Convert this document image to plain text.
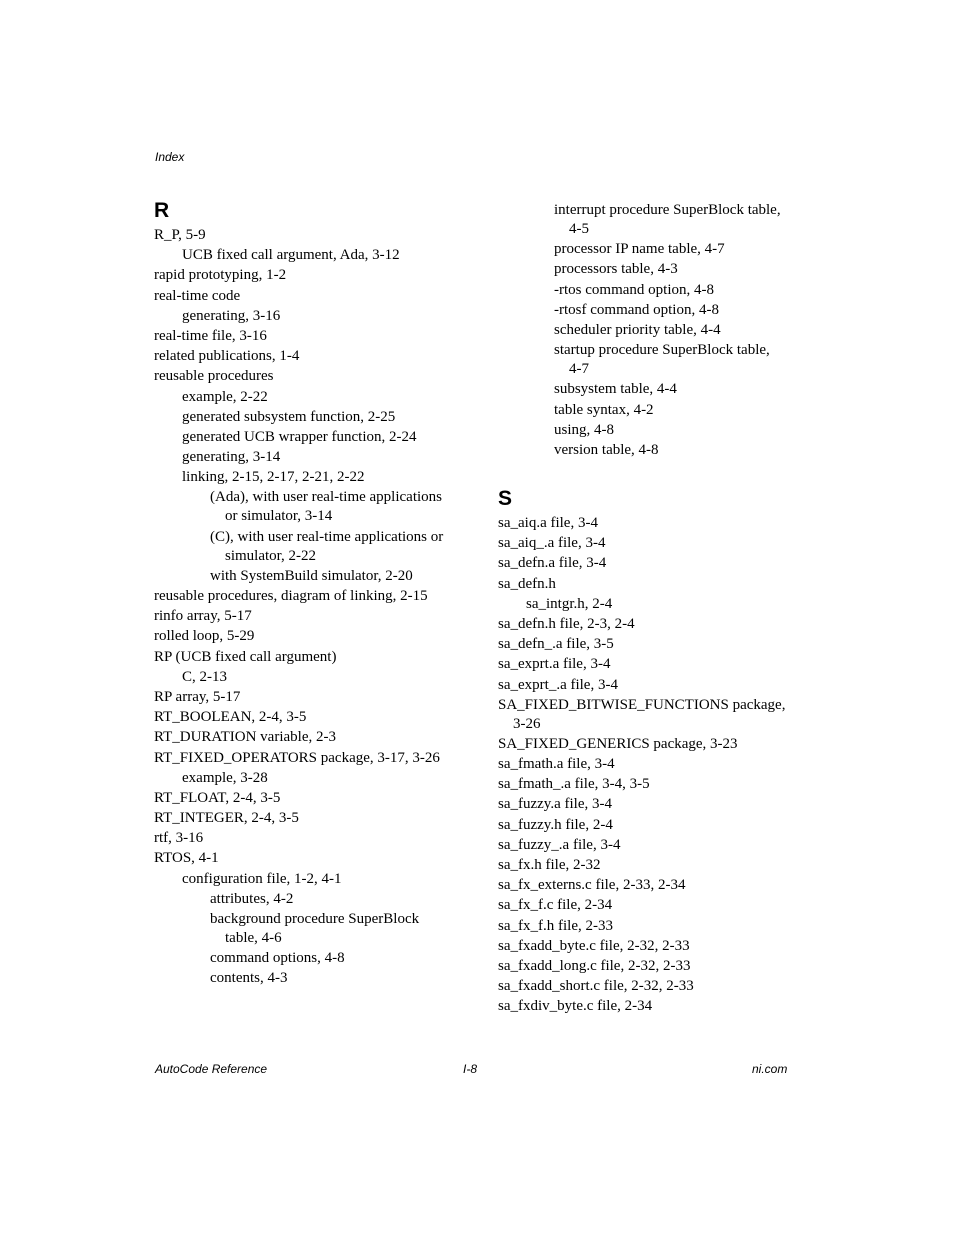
Index
R
R_P, 5-9
UCB fixed call argument, Ada, 3-12
rapid prototyping, 1-2
real-time code
generating, 3-16
real-time file, 3-16
related publications, 1-4
reusable procedures
example, 2-22
generated subsystem function, 2-25
generated UCB wrapper function, 2-24
generating, 3-14
linking, 2-15, 2-17, 2-21, 2-22
(Ada), with user real-time applications or simulator, 3-14
(C), with user real-time applications or simulator, 2-22
with SystemBuild simulator, 2-20
reusable procedures, diagram of linking, 2-15
rinfo array, 5-17
rolled loop, 5-29
RP (UCB fixed call argument)
C, 2-13
RP array, 5-17
RT_BOOLEAN, 2-4, 3-5
RT_DURATION variable, 2-3
RT_FIXED_OPERATORS package, 3-17, 3-26
example, 3-28
RT_FLOAT, 2-4, 3-5
RT_INTEGER, 2-4, 3-5
rtf, 3-16
RTOS, 4-1
configuration file, 1-2, 4-1
attributes, 4-2
background procedure SuperBlock table, 4-6
command options, 4-8
contents, 4-3
interrupt procedure SuperBlock table, 4-5
processor IP name table, 4-7
processors table, 4-3
-rtos command option, 4-8
-rtosf command option, 4-8
scheduler priority table, 4-4
startup procedure SuperBlock table, 4-7
subsystem table, 4-4
table syntax, 4-2
using, 4-8
version table, 4-8
S
sa_aiq.a file, 3-4
sa_aiq_.a file, 3-4
sa_defn.a file, 3-4
sa_defn.h
sa_intgr.h, 2-4
sa_defn.h file, 2-3, 2-4
sa_defn_.a file, 3-5
sa_exprt.a file, 3-4
sa_exprt_.a file, 3-4
SA_FIXED_BITWISE_FUNCTIONS package, 3-26
SA_FIXED_GENERICS package, 3-23
sa_fmath.a file, 3-4
sa_fmath_.a file, 3-4, 3-5
sa_fuzzy.a file, 3-4
sa_fuzzy.h file, 2-4
sa_fuzzy_.a file, 3-4
sa_fx.h file, 2-32
sa_fx_externs.c file, 2-33, 2-34
sa_fx_f.c file, 2-34
sa_fx_f.h file, 2-33
sa_fxadd_byte.c file, 2-32, 2-33
sa_fxadd_long.c file, 2-32, 2-33
sa_fxadd_short.c file, 2-32, 2-33
sa_fxdiv_byte.c file, 2-34
AutoCode Reference	I-8	ni.com
